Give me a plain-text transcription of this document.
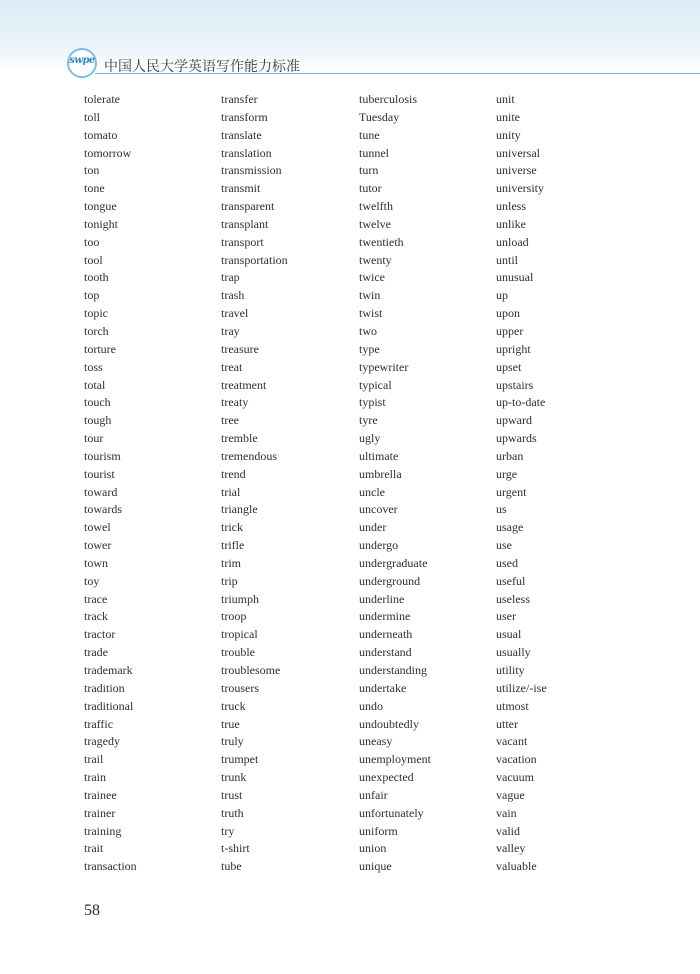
swpe 中国人民大学英语写作能力标准
tolerate
toll
tomato
tomorrow
ton
tone
tongue
tonight
too
tool
tooth
top
topic
torch
torture
toss
total
touch
tough
tour
tourism
tourist
toward
towards
towel
tower
town
toy
trace
track
tractor
trade
trademark
tradition
traditional
traffic
tragedy
trail
train
trainee
trainer
training
trait
transaction
transfer
transform
translate
translation
transmission
transmit
transparent
transplant
transport
transportation
trap
trash
travel
tray
treasure
treat
treatment
treaty
tree
tremble
tremendous
trend
trial
triangle
trick
trifle
trim
trip
triumph
troop
tropical
trouble
troublesome
trousers
truck
true
truly
trumpet
trunk
trust
truth
try
t-shirt
tube
tuberculosis
Tuesday
tune
tunnel
turn
tutor
twelfth
twelve
twentieth
twenty
twice
twin
twist
two
type
typewriter
typical
typist
tyre
ugly
ultimate
umbrella
uncle
uncover
under
undergo
undergraduate
underground
underline
undermine
underneath
understand
understanding
undertake
undo
undoubtedly
uneasy
unemployment
unexpected
unfair
unfortunately
uniform
union
unique
unit
unite
unity
universal
universe
university
unless
unlike
unload
until
unusual
up
upon
upper
upright
upset
upstairs
up-to-date
upward
upwards
urban
urge
urgent
us
usage
use
used
useful
useless
user
usual
usually
utility
utilize/-ise
utmost
utter
vacant
vacation
vacuum
vague
vain
valid
valley
valuable
58
